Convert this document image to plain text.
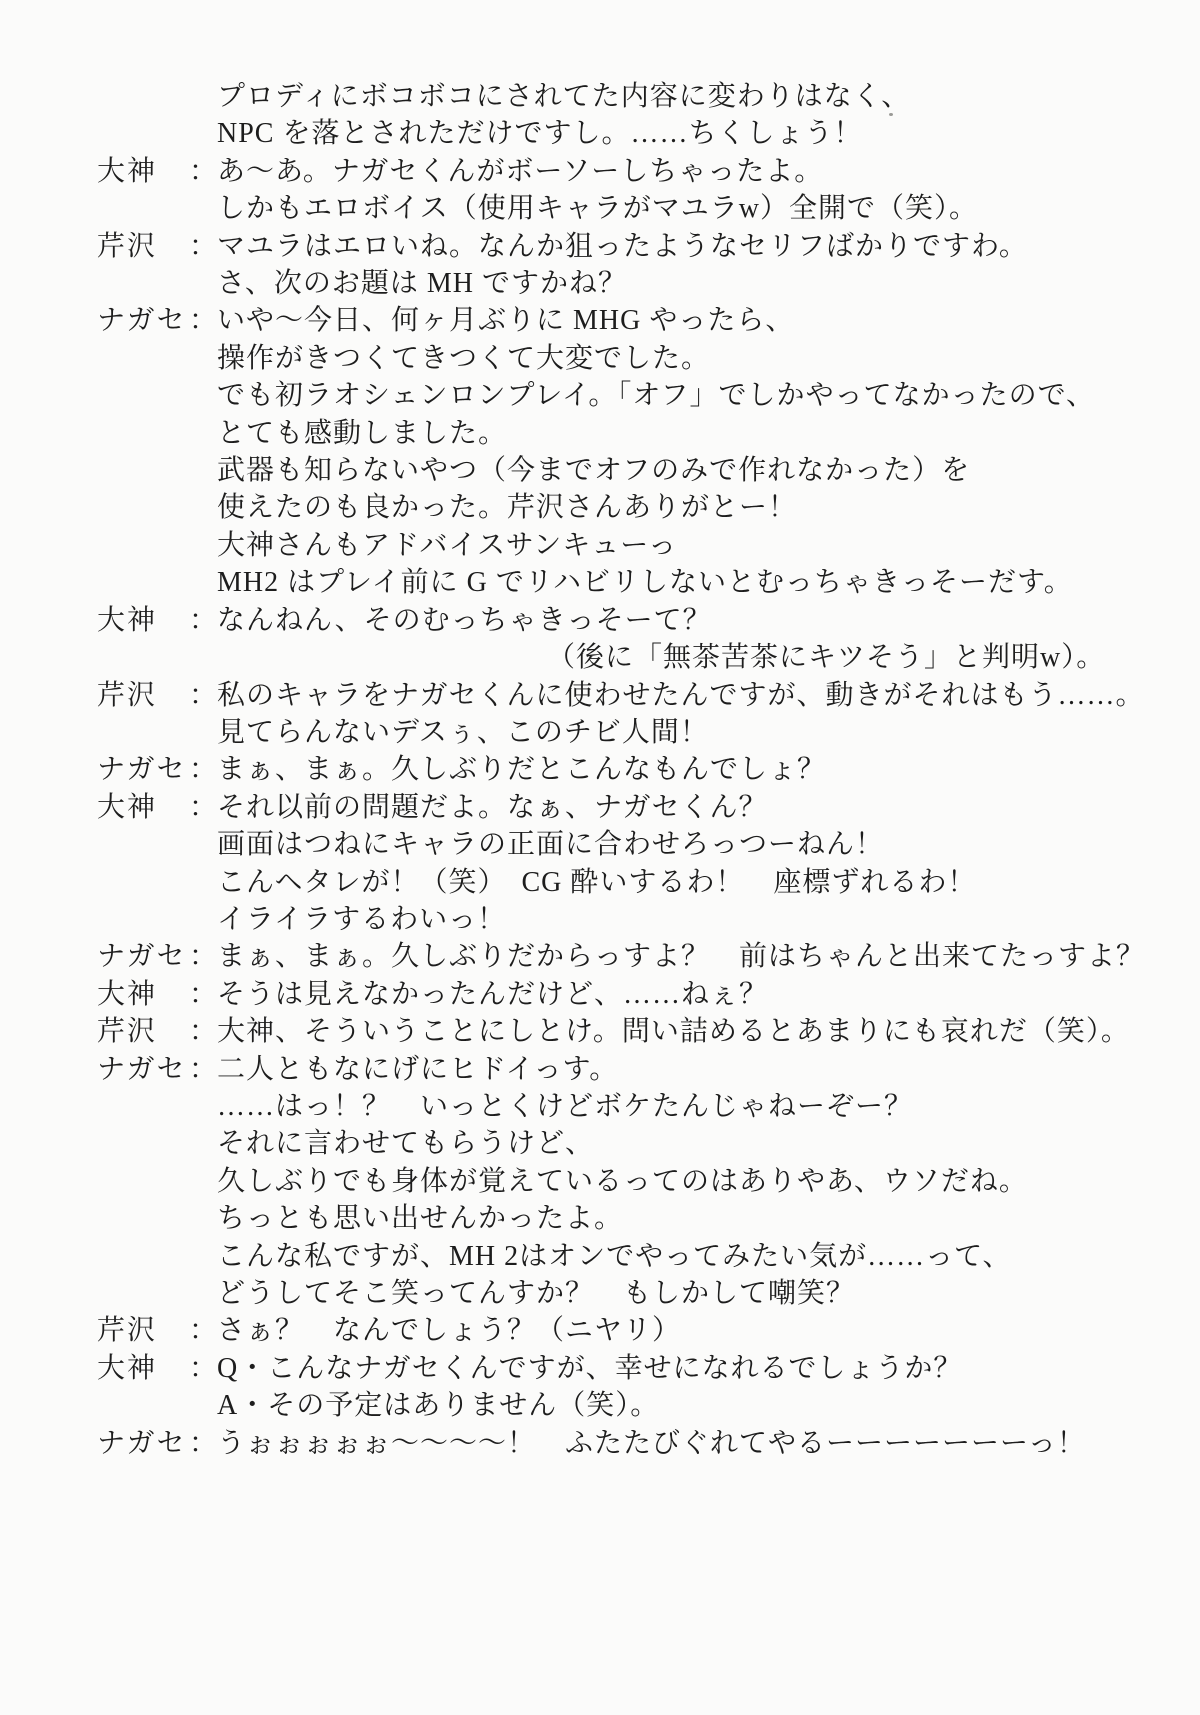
プロディにボコボコにされてた内容に変わりはなく、
NPC を落とされただけですし。……ちくしょう！
大神	： あ～あ。ナガセくんがボーソーしちゃったよ。
しかもエロボイス（使用キャラがマユラw）全開で（笑）。
芹沢	： マユラはエロいね。なんか狙ったようなセリフばかりですわ。
さ、次のお題は MH ですかね？
ナガセ ： いや～今日、何ヶ月ぶりに MHG やったら、
操作がきつくてきつくて大変でした。
でも初ラオシェンロンプレイ。「オフ」でしかやってなかったので、
とても感動しました。
武器も知らないやつ（今までオフのみで作れなかった）を
使えたのも良かった。芹沢さんありがとー！
大神さんもアドバイスサンキューっ
MH2 はプレイ前に G でリハビリしないとむっちゃきっそーだす。
大神	： なんねん、そのむっちゃきっそーて？
（後に「無茶苦茶にキツそう」と判明w）。
芹沢	： 私のキャラをナガセくんに使わせたんですが、動きがそれはもう……。
見てらんないデスぅ、このチビ人間！
ナガセ ： まぁ、まぁ。久しぶりだとこんなもんでしょ？
大神	： それ以前の問題だよ。なぁ、ナガセくん？
画面はつねにキャラの正面に合わせろっつーねん！
こんヘタレが！（笑）　CG 酔いするわ！　座標ずれるわ！
イライラするわいっ！
ナガセ ： まぁ、まぁ。久しぶりだからっすよ？　前はちゃんと出来てたっすよ？
大神	： そうは見えなかったんだけど、……ねぇ？
芹沢	： 大神、そういうことにしとけ。問い詰めるとあまりにも哀れだ（笑）。
ナガセ ： 二人ともなにげにヒドイっす。
……はっ！？　いっとくけどボケたんじゃねーぞー？
それに言わせてもらうけど、
久しぶりでも身体が覚えているってのはありやあ、ウソだね。
ちっとも思い出せんかったよ。
こんな私ですが、MH 2はオンでやってみたい気が……って、
どうしてそこ笑ってんすか？　もしかして嘲笑？
芹沢	： さぁ？　なんでしょう？（ニヤリ）
大神	： Q・こんなナガセくんですが、幸せになれるでしょうか？
A・その予定はありません（笑）。
ナガセ ： うぉぉぉぉぉ～～～～！　ふたたびぐれてやるーーーーーーーっ！
